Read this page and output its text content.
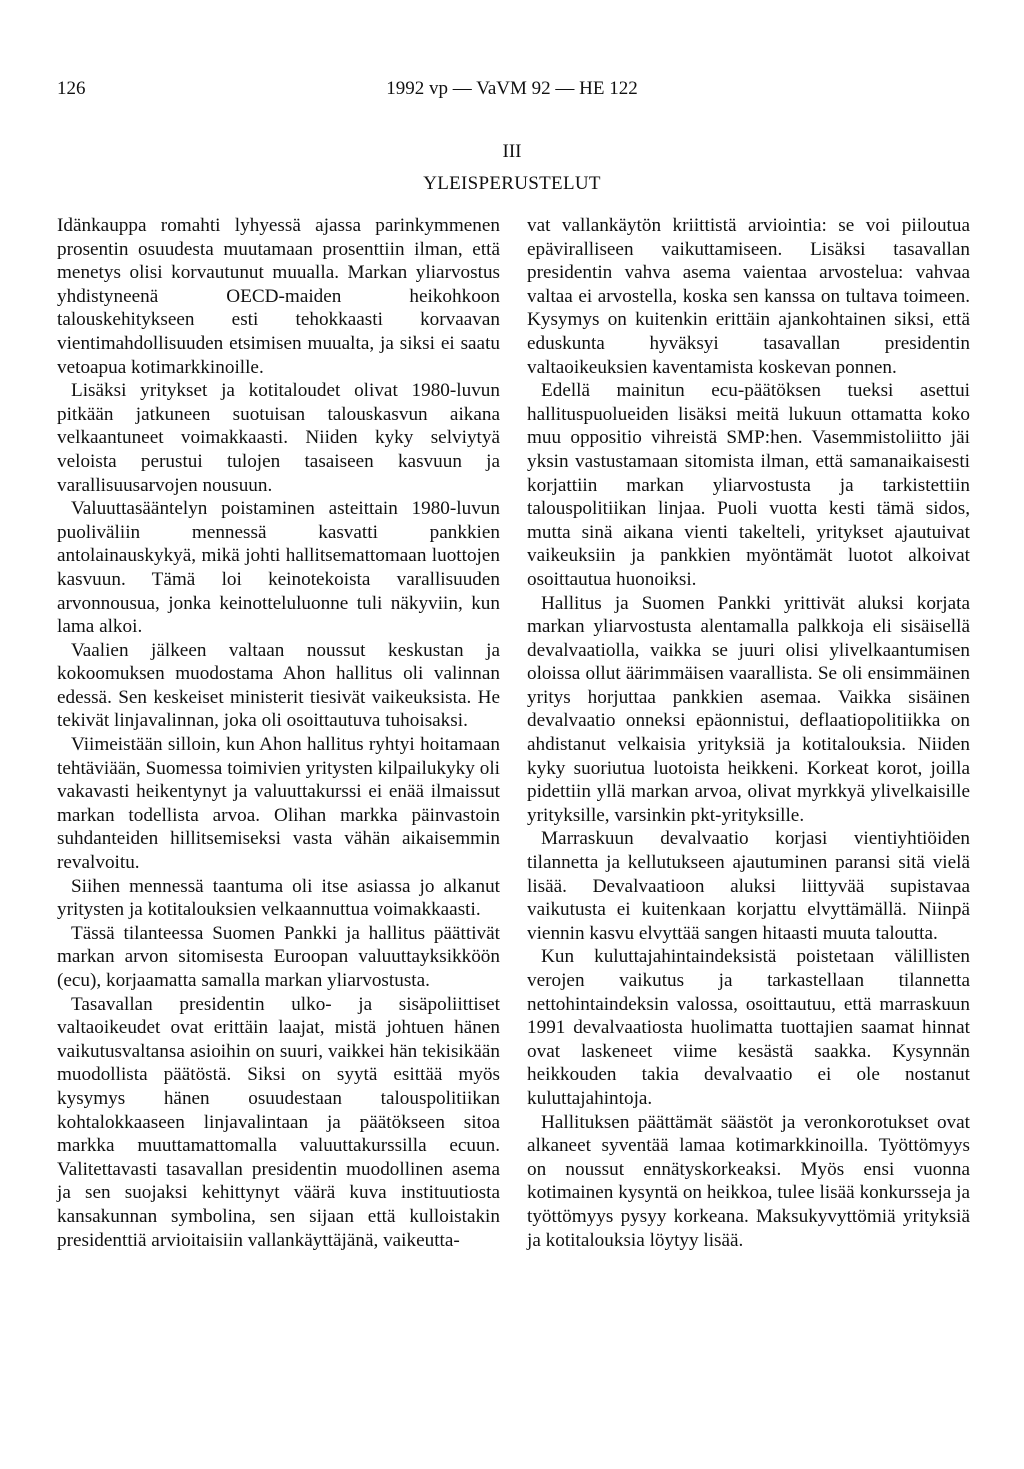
126	1992 vp — VaVM 92 — HE 122
III
YLEISPERUSTELUT

Idänkauppa romahti lyhyessä ajassa parinkymmenen prosentin osuudesta muutamaan prosenttiin ilman, että menetys olisi korvautunut muualla. Markan yliarvostus yhdistyneenä OECD-maiden heikohkoon talouskehitykseen esti tehokkaasti korvaavan vientimahdollisuuden etsimisen muualta, ja siksi ei saatu vetoapua kotimarkkinoille.

Lisäksi yritykset ja kotitaloudet olivat 1980-luvun pitkään jatkuneen suotuisan talouskasvun aikana velkaantuneet voimakkaasti. Niiden kyky selviytyä veloista perustui tulojen tasaiseen kasvuun ja varallisuusarvojen nousuun.

Valuuttasääntelyn poistaminen asteittain 1980-luvun puoliväliin mennessä kasvatti pankkien antolainauskykyä, mikä johti hallitsemattomaan luottojen kasvuun. Tämä loi keinotekoista varallisuuden arvonnousua, jonka keinotteluluonne tuli näkyviin, kun lama alkoi.

Vaalien jälkeen valtaan noussut keskustan ja kokoomuksen muodostama Ahon hallitus oli valinnan edessä. Sen keskeiset ministerit tiesivät vaikeuksista. He tekivät linjavalinnan, joka oli osoittautuva tuhoisaksi.

Viimeistään silloin, kun Ahon hallitus ryhtyi hoitamaan tehtäviään, Suomessa toimivien yritysten kilpailukyky oli vakavasti heikentynyt ja valuuttakurssi ei enää ilmaissut markan todellista arvoa. Olihan markka päinvastoin suhdanteiden hillitsemiseksi vasta vähän aikaisemmin revalvoitu.

Siihen mennessä taantuma oli itse asiassa jo alkanut yritysten ja kotitalouksien velkaannuttua voimakkaasti.

Tässä tilanteessa Suomen Pankki ja hallitus päättivät markan arvon sitomisesta Euroopan valuuttayksikköön (ecu), korjaamatta samalla markan yliarvostusta.

Tasavallan presidentin ulko- ja sisäpoliittiset valtaoikeudet ovat erittäin laajat, mistä johtuen hänen vaikutusvaltansa asioihin on suuri, vaikkei hän tekisikään muodollista päätöstä. Siksi on syytä esittää myös kysymys hänen osuudestaan talouspolitiikan kohtalokkaaseen linjavalintaan ja päätökseen sitoa markka muuttamattomalla valuuttakurssilla ecuun. Valitettavasti tasavallan presidentin muodollinen asema ja sen suojaksi kehittynyt väärä kuva instituutiosta kansakunnan symbolina, sen sijaan että kulloistakin presidenttiä arvioitaisiin vallankäyttäjänä, vaikeutta-

vat vallankäytön kriittistä arviointia: se voi piiloutua epäviralliseen vaikuttamiseen. Lisäksi tasavallan presidentin vahva asema vaientaa arvostelua: vahvaa valtaa ei arvostella, koska sen kanssa on tultava toimeen. Kysymys on kuitenkin erittäin ajankohtainen siksi, että eduskunta hyväksyi tasavallan presidentin valtaoikeuksien kaventamista koskevan ponnen.

Edellä mainitun ecu-päätöksen tueksi asettui hallituspuolueiden lisäksi meitä lukuun ottamatta koko muu oppositio vihreistä SMP:hen. Vasemmistoliitto jäi yksin vastustamaan sitomista ilman, että samanaikaisesti korjattiin markan yliarvostusta ja tarkistettiin talouspolitiikan linjaa. Puoli vuotta kesti tämä sidos, mutta sinä aikana vienti takelteli, yritykset ajautuivat vaikeuksiin ja pankkien myöntämät luotot alkoivat osoittautua huonoiksi.

Hallitus ja Suomen Pankki yrittivät aluksi korjata markan yliarvostusta alentamalla palkkoja eli sisäisellä devalvaatiolla, vaikka se juuri olisi ylivelkaantumisen oloissa ollut äärimmäisen vaarallista. Se oli ensimmäinen yritys horjuttaa pankkien asemaa. Vaikka sisäinen devalvaatio onneksi epäonnistui, deflaatiopolitiikka on ahdistanut velkaisia yrityksiä ja kotitalouksia. Niiden kyky suoriutua luotoista heikkeni. Korkeat korot, joilla pidettiin yllä markan arvoa, olivat myrkkyä ylivelkaisille yrityksille, varsinkin pkt-yrityksille.

Marraskuun devalvaatio korjasi vientiyhtiöiden tilannetta ja kellutukseen ajautuminen paransi sitä vielä lisää. Devalvaatioon aluksi liittyvää supistavaa vaikutusta ei kuitenkaan korjattu elvyttämällä. Niinpä viennin kasvu elvyttää sangen hitaasti muuta taloutta.

Kun kuluttajahintaindeksistä poistetaan välillisten verojen vaikutus ja tarkastellaan tilannetta nettohintaindeksin valossa, osoittautuu, että marraskuun 1991 devalvaatiosta huolimatta tuottajien saamat hinnat ovat laskeneet viime kesästä saakka. Kysynnän heikkouden takia devalvaatio ei ole nostanut kuluttajahintoja.

Hallituksen päättämät säästöt ja veronkorotukset ovat alkaneet syventää lamaa kotimarkkinoilla. Työttömyys on noussut ennätyskorkeaksi. Myös ensi vuonna kotimainen kysyntä on heikkoa, tulee lisää konkursseja ja työttömyys pysyy korkeana. Maksukyvyttömiä yrityksiä ja kotitalouksia löytyy lisää.
